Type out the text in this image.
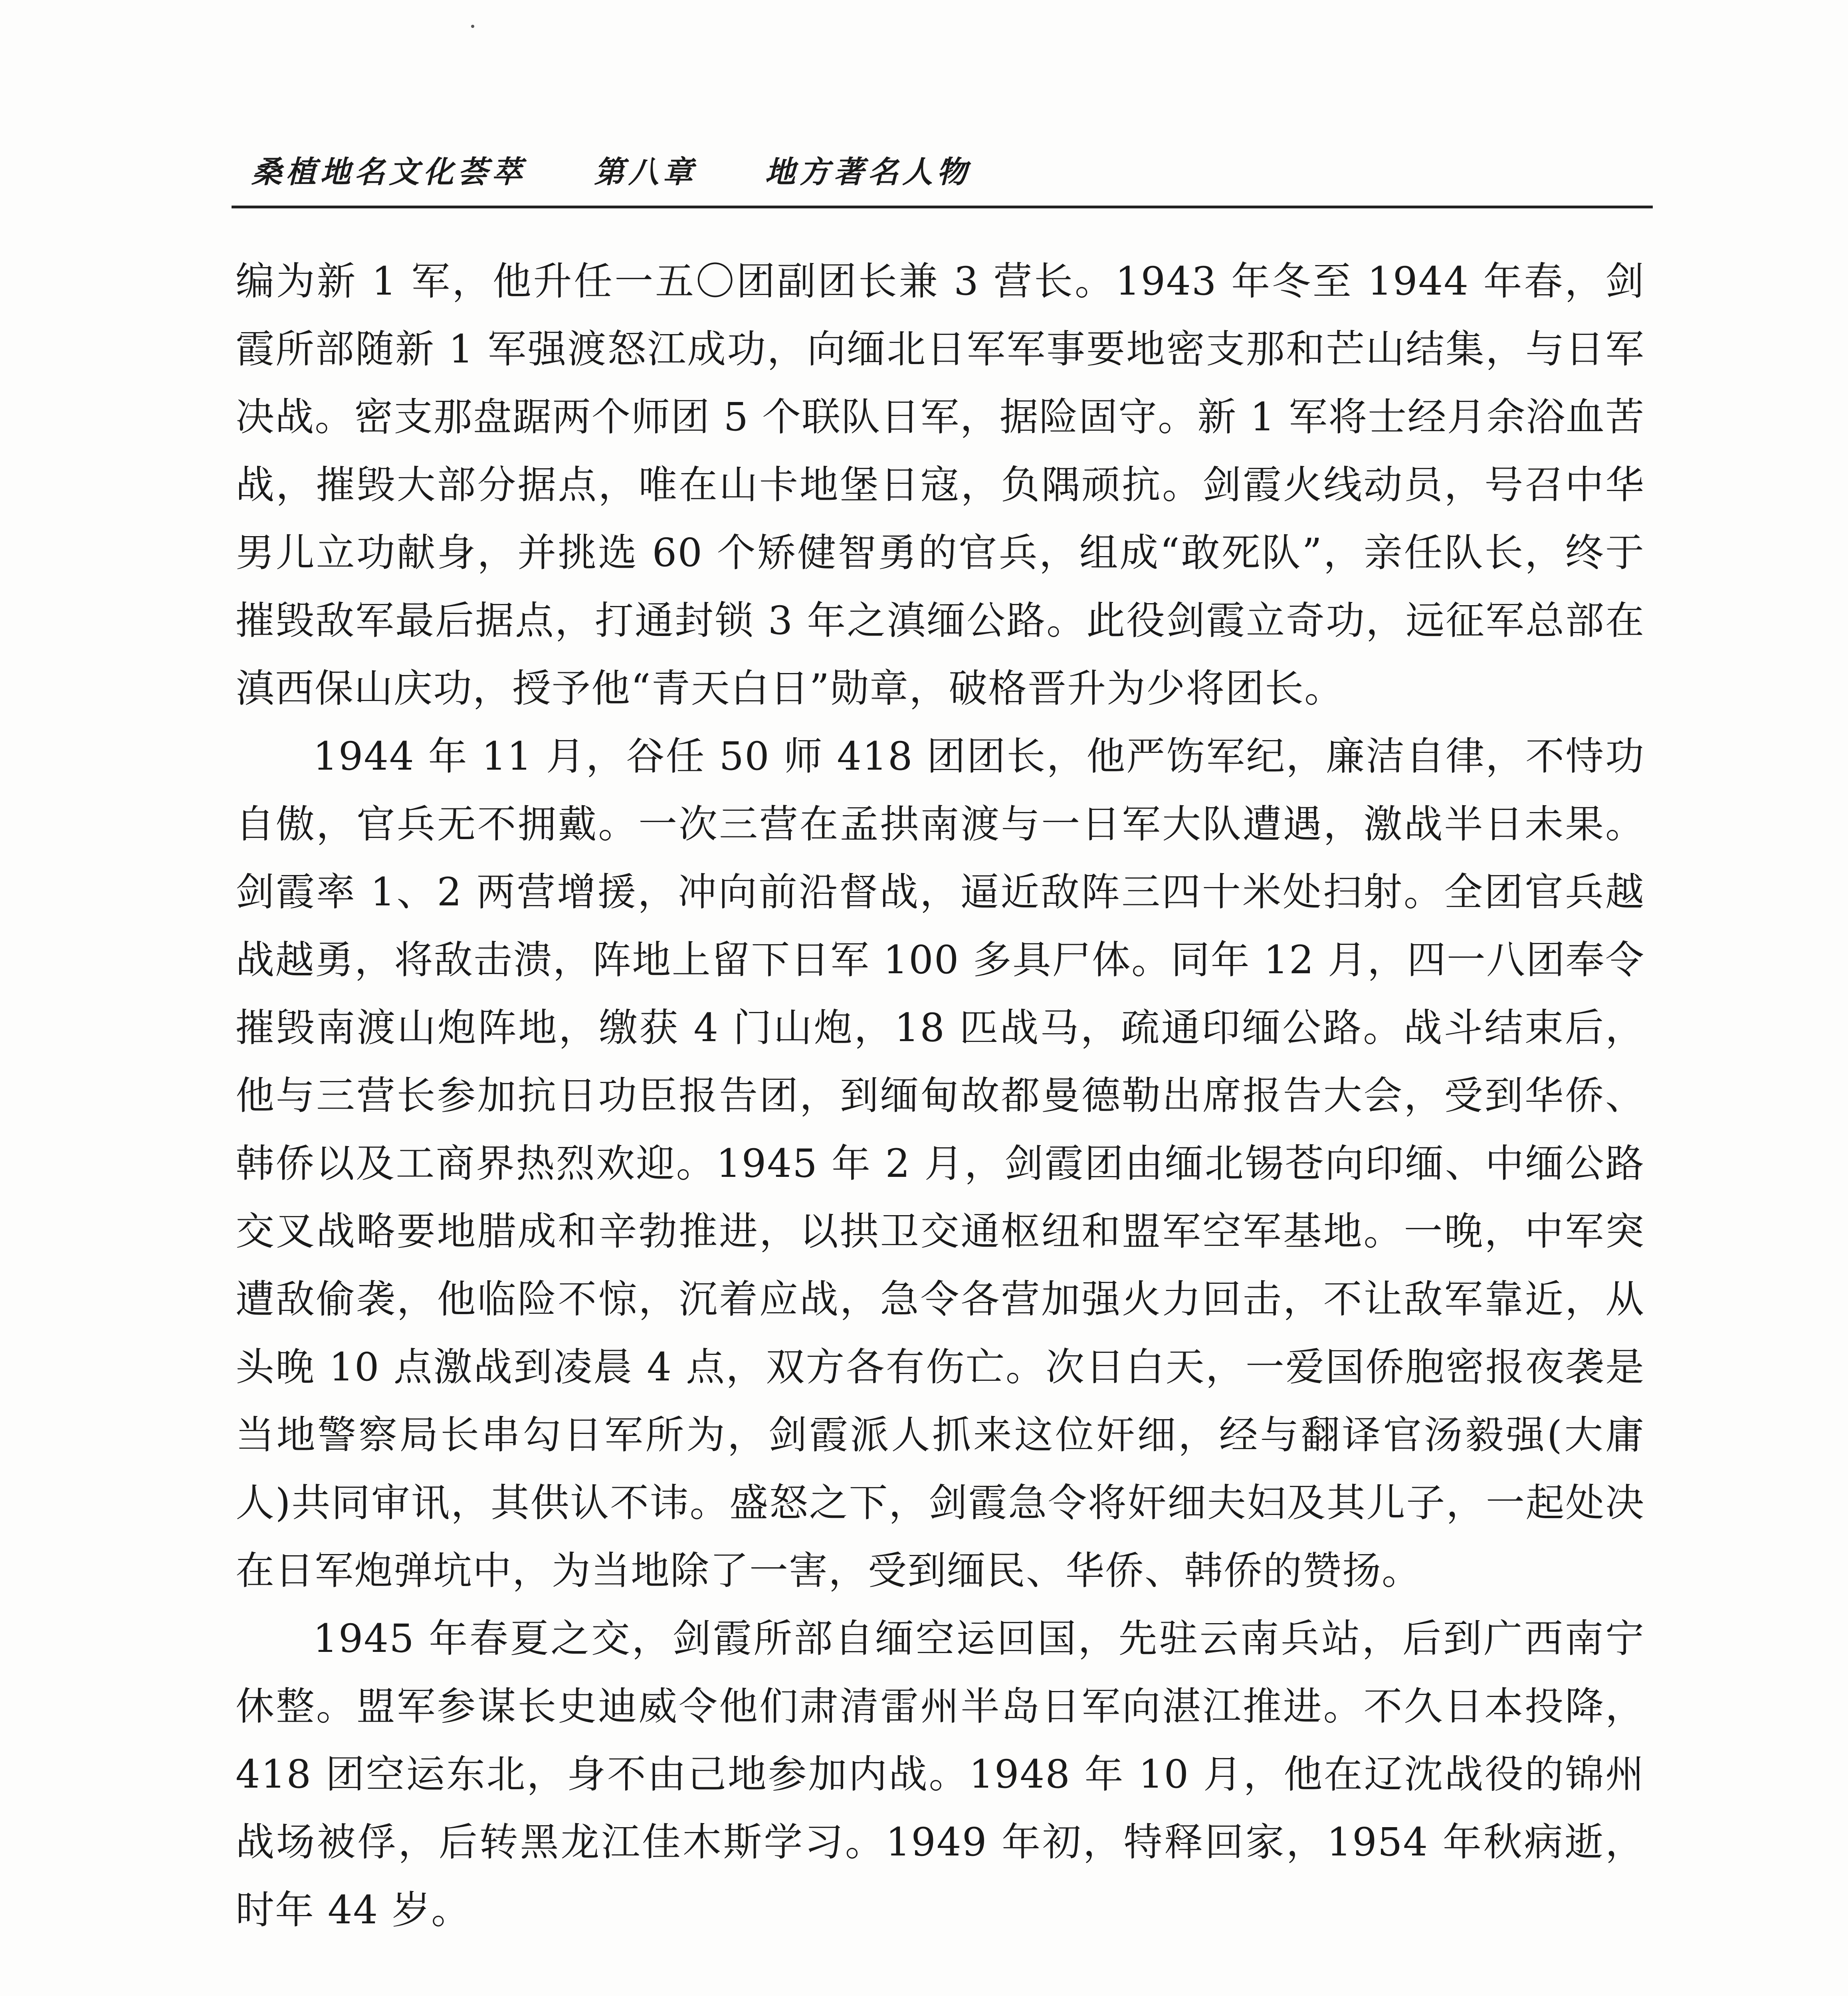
桑植地名文化荟萃 第八章 地方著名人物

编为新 1 军，他升任一五〇团副团长兼 3 营长。1943 年冬至 1944 年春，剑霞所部随新 1 军强渡怒江成功，向缅北日军军事要地密支那和芒山结集，与日军决战。密支那盘踞两个师团 5 个联队日军，据险固守。新 1 军将士经月余浴血苦战，摧毁大部分据点，唯在山卡地堡日寇，负隅顽抗。剑霞火线动员，号召中华男儿立功献身，并挑选 60 个矫健智勇的官兵，组成“敢死队”，亲任队长，终于摧毁敌军最后据点，打通封锁 3 年之滇缅公路。此役剑霞立奇功，远征军总部在滇西保山庆功，授予他“青天白日”勋章，破格晋升为少将团长。

1944 年 11 月，谷任 50 师 418 团团长，他严饬军纪，廉洁自律，不恃功自傲，官兵无不拥戴。一次三营在孟拱南渡与一日军大队遭遇，激战半日未果。剑霞率 1、2 两营增援，冲向前沿督战，逼近敌阵三四十米处扫射。全团官兵越战越勇，将敌击溃，阵地上留下日军 100 多具尸体。同年 12 月，四一八团奉令摧毁南渡山炮阵地，缴获 4 门山炮，18 匹战马，疏通印缅公路。战斗结束后，他与三营长参加抗日功臣报告团，到缅甸故都曼德勒出席报告大会，受到华侨、韩侨以及工商界热烈欢迎。1945 年 2 月，剑霞团由缅北锡苍向印缅、中缅公路交叉战略要地腊成和辛勃推进，以拱卫交通枢纽和盟军空军基地。一晚，中军突遭敌偷袭，他临险不惊，沉着应战，急令各营加强火力回击，不让敌军靠近，从头晚 10 点激战到凌晨 4 点，双方各有伤亡。次日白天，一爱国侨胞密报夜袭是当地警察局长串勾日军所为，剑霞派人抓来这位奸细，经与翻译官汤毅强(大庸人)共同审讯，其供认不讳。盛怒之下，剑霞急令将奸细夫妇及其儿子，一起处决在日军炮弹坑中，为当地除了一害，受到缅民、华侨、韩侨的赞扬。

1945 年春夏之交，剑霞所部自缅空运回国，先驻云南兵站，后到广西南宁休整。盟军参谋长史迪威令他们肃清雷州半岛日军向湛江推进。不久日本投降，418 团空运东北，身不由己地参加内战。1948 年 10 月，他在辽沈战役的锦州战场被俘，后转黑龙江佳木斯学习。1949 年初，特释回家，1954 年秋病逝，时年 44 岁。
